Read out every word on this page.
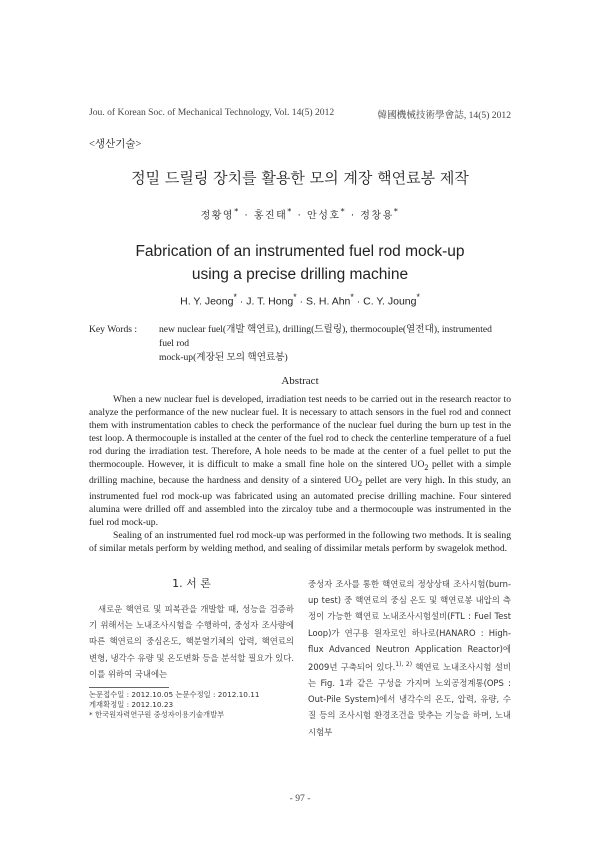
Jou. of Korean Soc. of Mechanical Technology, Vol. 14(5) 2012	韓國機械技術學會誌, 14(5) 2012
<생산기술>
정밀 드릴링 장치를 활용한 모의 계장 핵연료봉 제작
정황영* · 홍진태* · 안성호* · 정창용*
Fabrication of an instrumented fuel rod mock-up
using a precise drilling machine
H. Y. Jeong* · J. T. Hong* · S. H. Ahn* · C. Y. Joung*
Key Words :	new nuclear fuel(개발 핵연료), drilling(드릴링), thermocouple(열전대), instrumented fuel rod
mock-up(계장된 모의 핵연료봉)
Abstract

When a new nuclear fuel is developed, irradiation test needs to be carried out in the research reactor to analyze the performance of the new nuclear fuel. It is necessary to attach sensors in the fuel rod and connect them with instrumentation cables to check the performance of the nuclear fuel during the burn up test in the test loop. A thermocouple is installed at the center of the fuel rod to check the centerline temperature of a fuel rod during the irradiation test. Therefore, A hole needs to be made at the center of a fuel pellet to put the thermocouple. However, it is difficult to make a small fine hole on the sintered $UO_2$ pellet with a simple drilling machine, because the hardness and density of a sintered $UO_2$ pellet are very high. In this study, an instrumented fuel rod mock-up was fabricated using an automated precise drilling machine. Four sintered alumina were drilled off and assembled into the zircaloy tube and a thermocouple was instrumented in the fuel rod mock-up.

Sealing of an instrumented fuel rod mock-up was performed in the following two methods. It is sealing of similar metals perform by welding method, and sealing of dissimilar metals perform by swagelok method.

1. 서 론

새로운 핵연료 및 피복관을 개발할 때, 성능을 검증하기 위해서는 노내조사시험을 수행하여, 중성자 조사량에 따른 핵연료의 중심온도, 핵분열기체의 압력, 핵연료의 변형, 냉각수 유량 및 온도변화 등을 분석할 필요가 있다. 이를 위하여 국내에는

중성자 조사를 통한 핵연료의 정상상태 조사시험(burn-up test) 중 핵연료의 중심 온도 및 핵연료봉 내압의 측정이 가능한 핵연료 노내조사시험설비(FTL : Fuel Test Loop)가 연구용 원자로인 하나로(HANARO : High-flux Advanced Neutron Application Reactor)에 2009년 구축되어 있다.$^{1), 2)}$ 핵연료 노내조사시험 설비는 Fig. 1과 같은 구성을 가지며 노외공정계통(OPS : Out-Pile System)에서 냉각수의 온도, 압력, 유량, 수질 등의 조사시험 환경조건을 맞추는 기능을 하며, 노내시험부

논문접수일 : 2012.10.05 논문수정일 : 2012.10.11
게재확정일 : 2012.10.23
* 한국원자력연구원 중성자이용기술개발부
- 97 -
